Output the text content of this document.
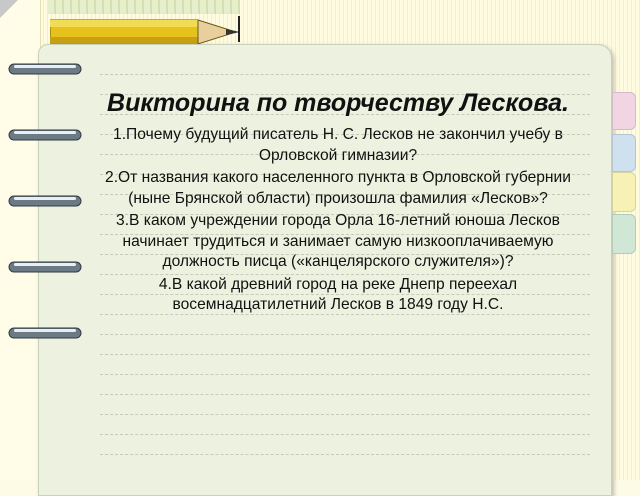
Викторина по творчеству Лескова.
1.Почему будущий писатель Н. С. Лесков не закончил учебу в Орловской гимназии?
2.От названия какого населенного пункта в Орловской губернии (ныне Брянской области) произошла фамилия «Лесков»?
3.В каком учреждении города Орла 16-летний юноша Лесков начинает трудиться и занимает самую низкооплачиваемую должность писца («канцелярского служителя»)?
4.В какой древний город на реке Днепр переехал восемнадцатилетний Лесков в 1849 году Н.С.
